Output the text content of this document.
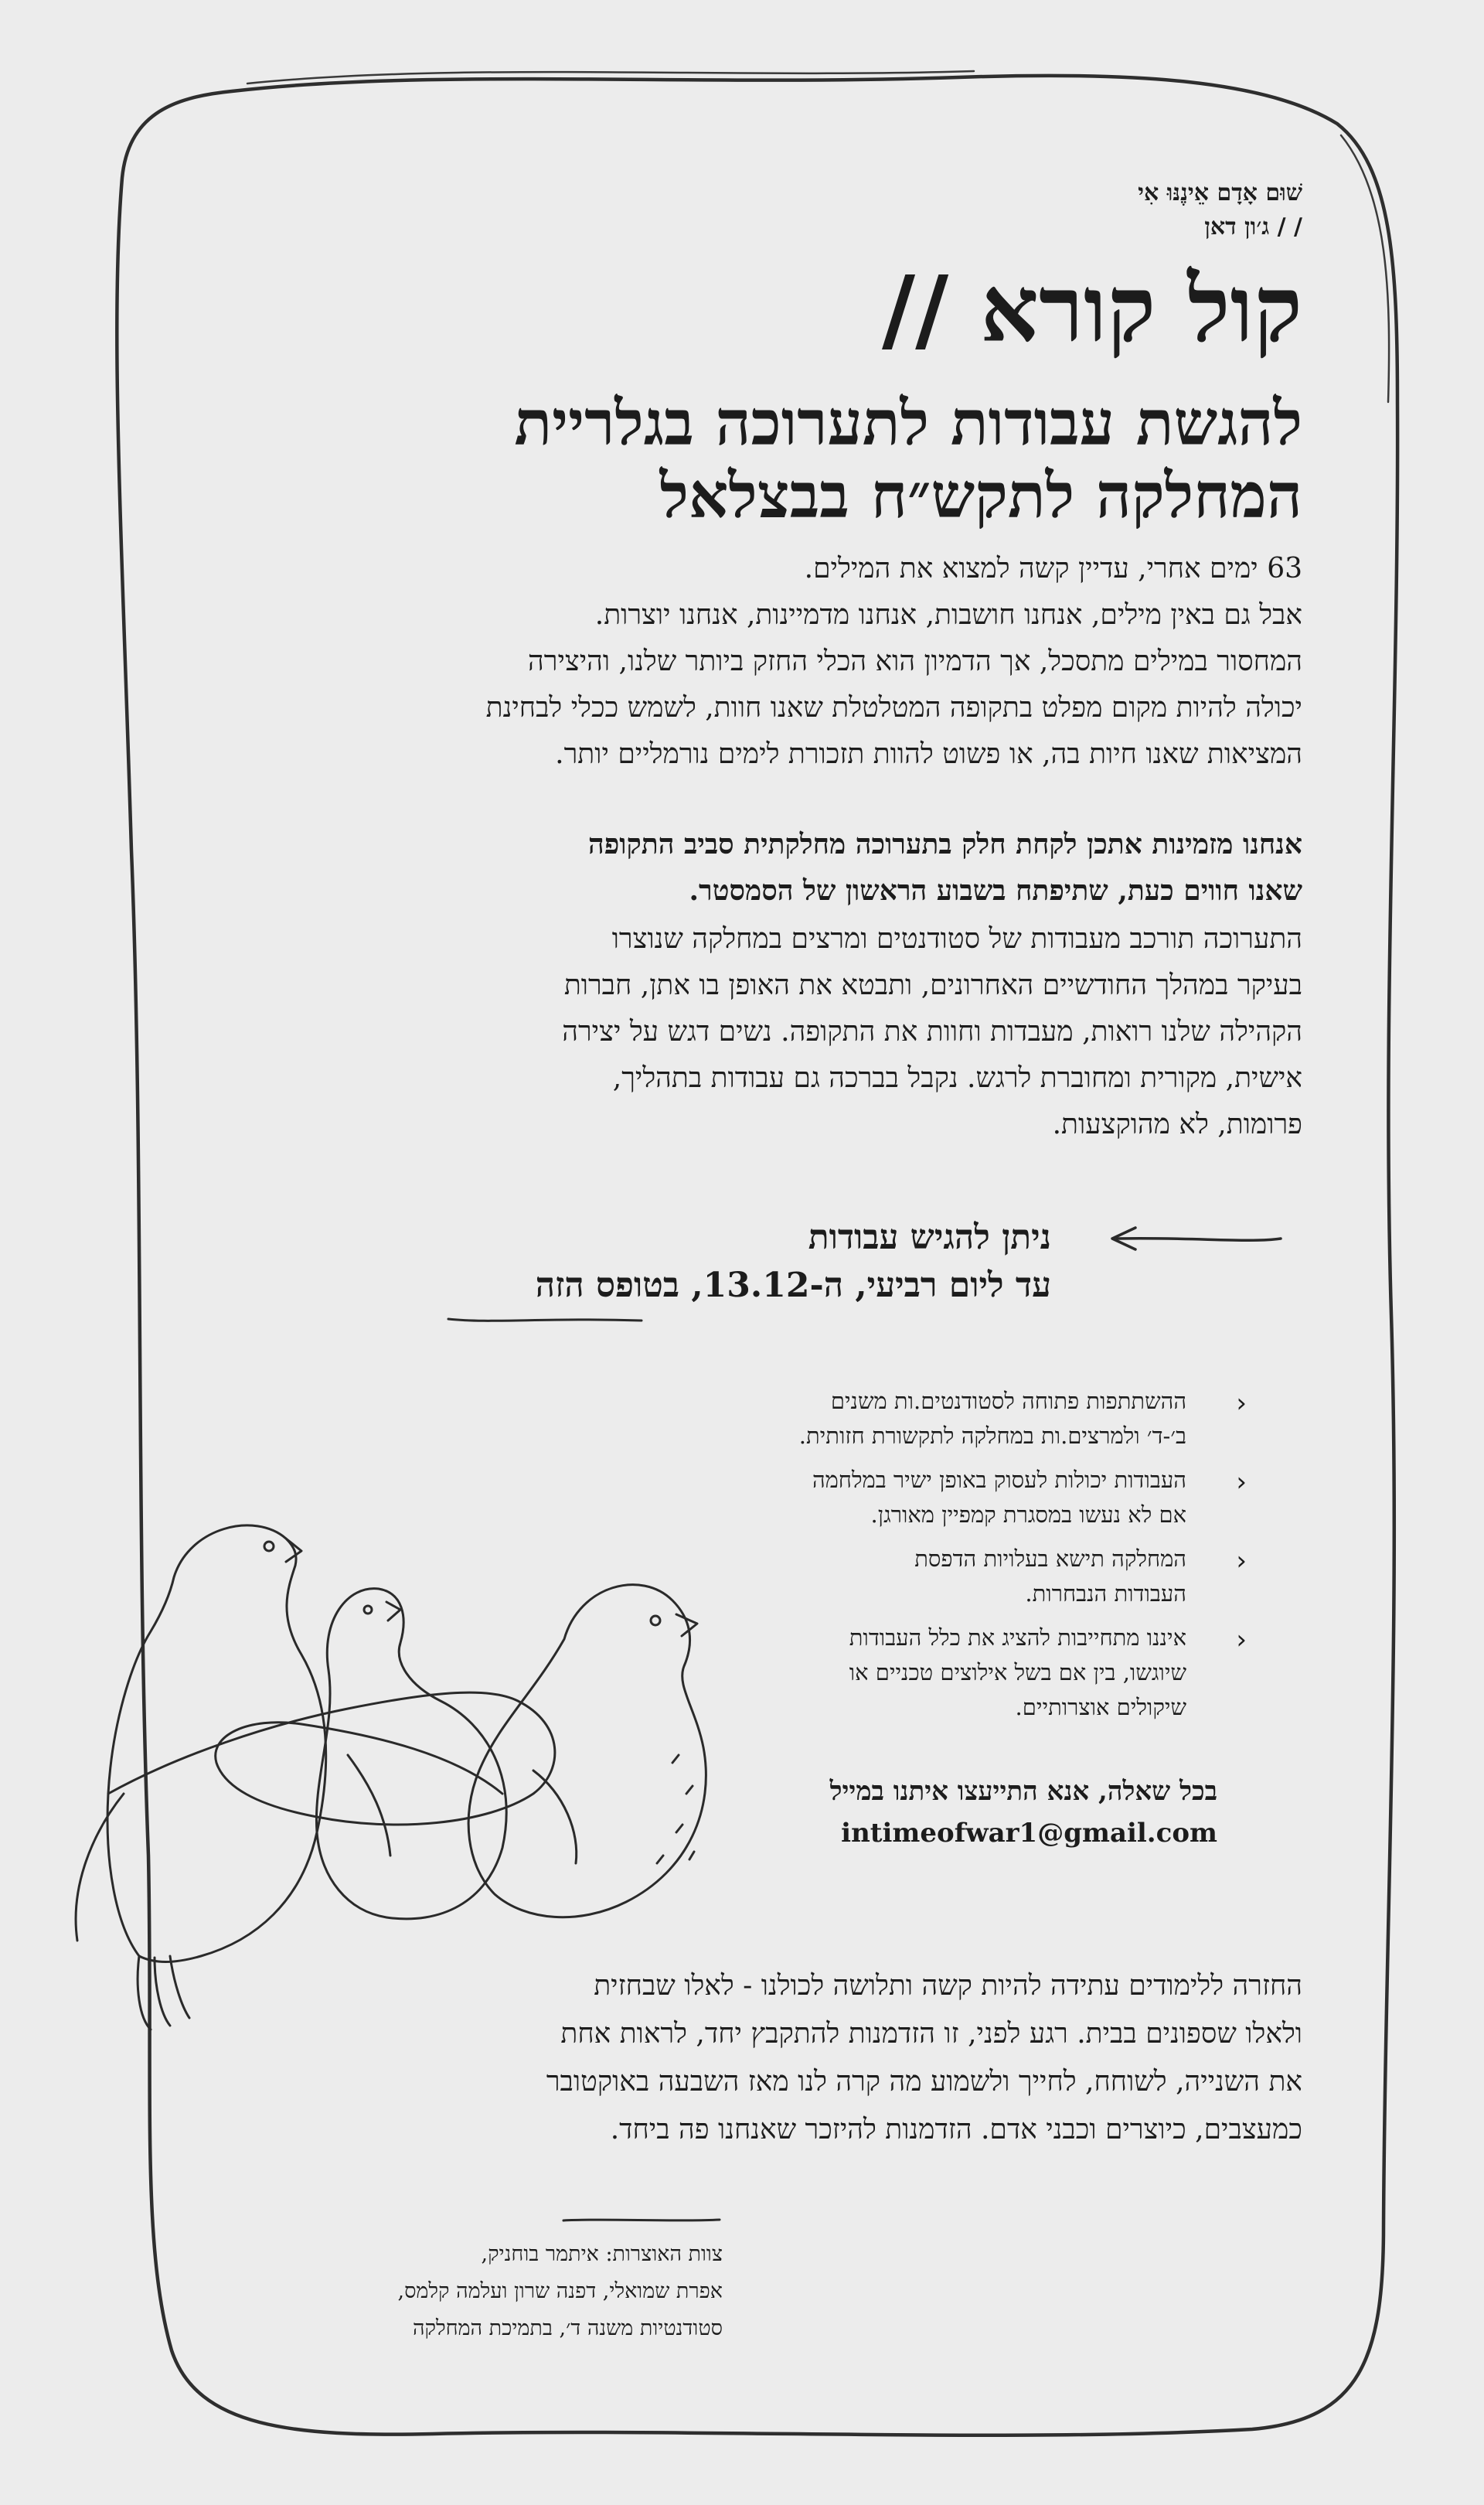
שׁוּם אָדָם אֵינֶנּוּ אִי
/ / ג׳ון דאן
קול קורא //
להגשת עבודות לתערוכה בגלריית
המחלקה לתקש״ח בבצלאל
63 ימים אחרי, עדיין קשה למצוא את המילים.
אבל גם באין מילים, אנחנו חושבות, אנחנו מדמיינות, אנחנו יוצרות.
המחסור במילים מתסכל, אך הדמיון הוא הכלי החזק ביותר שלנו, והיצירה
יכולה להיות מקום מפלט בתקופה המטלטלת שאנו חוות, לשמש ככלי לבחינת
המציאות שאנו חיות בה, או פשוט להוות תזכורת לימים נורמליים יותר.
אנחנו מזמינות אתכן לקחת חלק בתערוכה מחלקתית סביב התקופה
שאנו חווים כעת, שתיפתח בשבוע הראשון של הסמסטר.
התערוכה תורכב מעבודות של סטודנטים ומרצים במחלקה שנוצרו
בעיקר במהלך החודשיים האחרונים, ותבטא את האופן בו אתן, חברות
הקהילה שלנו רואות, מעבדות וחוות את התקופה. נשים דגש על יצירה
אישית, מקורית ומחוברת לרגש. נקבל בברכה גם עבודות בתהליך,
פרומות, לא מהוקצעות.
ניתן להגיש עבודות
עד ליום רביעי, ה-13.12, בטופס הזה
‹
ההשתתפות פתוחה לסטודנטים.ות משנים
ב׳-ד׳ ולמרצים.ות במחלקה לתקשורת חזותית.
‹
העבודות יכולות לעסוק באופן ישיר במלחמה
אם לא נעשו במסגרת קמפיין מאורגן.
‹
המחלקה תישא בעלויות הדפסת
העבודות הנבחרות.
‹
איננו מתחייבות להציג את כלל העבודות
שיוגשו, בין אם בשל אילוצים טכניים או
שיקולים אוצרותיים.
בכל שאלה, אנא התייעצו איתנו במייל
intimeofwar1@gmail.com
החזרה ללימודים עתידה להיות קשה ותלושה לכולנו - לאלו שבחזית
ולאלו שספונים בבית. רגע לפני, זו הזדמנות להתקבץ יחד, לראות אחת
את השנייה, לשוחח, לחייך ולשמוע מה קרה לנו מאז השבעה באוקטובר
כמעצבים, כיוצרים וכבני אדם. הזדמנות להיזכר שאנחנו פה ביחד.
צוות האוצרות: איתמר בוחניק,
אפרת שמואלי, דפנה שרון ועלמה קלמס,
סטודנטיות משנה ד׳, בתמיכת המחלקה
